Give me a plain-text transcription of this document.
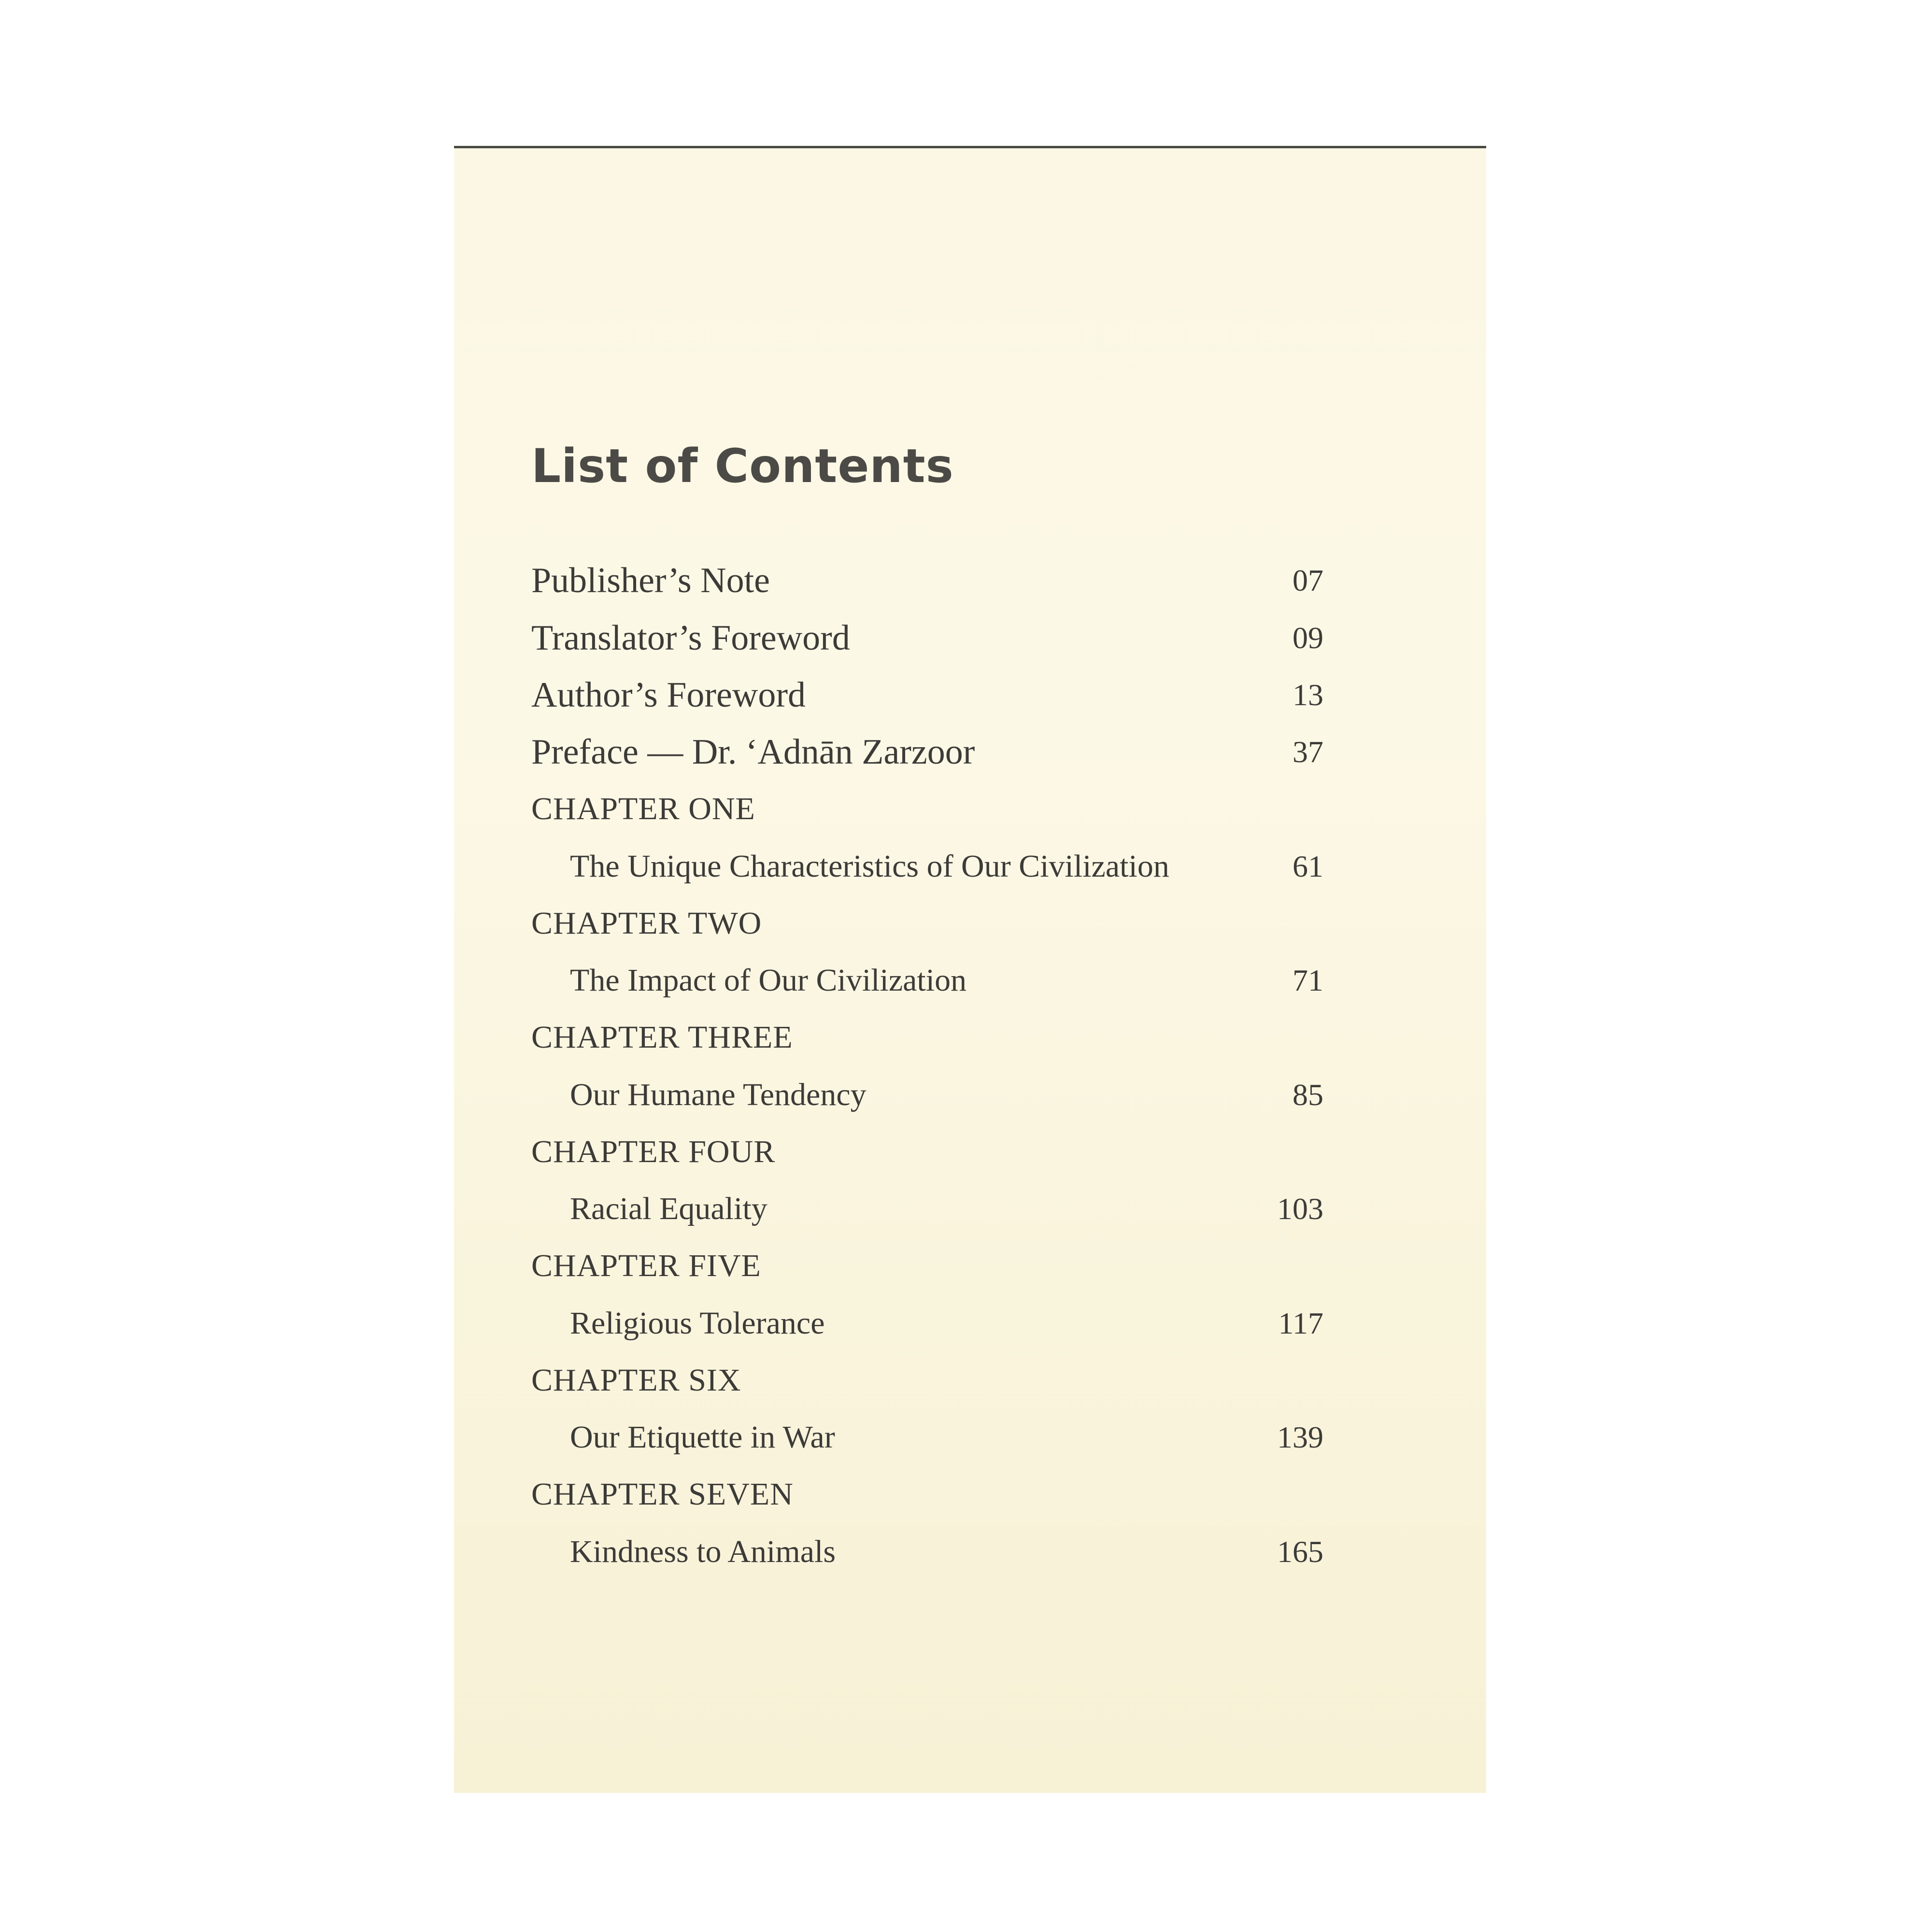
List of Contents
Publisher’s Note	07
Translator’s Foreword	09
Author’s Foreword	13
Preface — Dr. ‘Adnān Zarzoor	37
CHAPTER ONE
The Unique Characteristics of Our Civilization	61
CHAPTER TWO
The Impact of Our Civilization	71
CHAPTER THREE
Our Humane Tendency	85
CHAPTER FOUR
Racial Equality	103
CHAPTER FIVE
Religious Tolerance	117
CHAPTER SIX
Our Etiquette in War	139
CHAPTER SEVEN
Kindness to Animals	165
